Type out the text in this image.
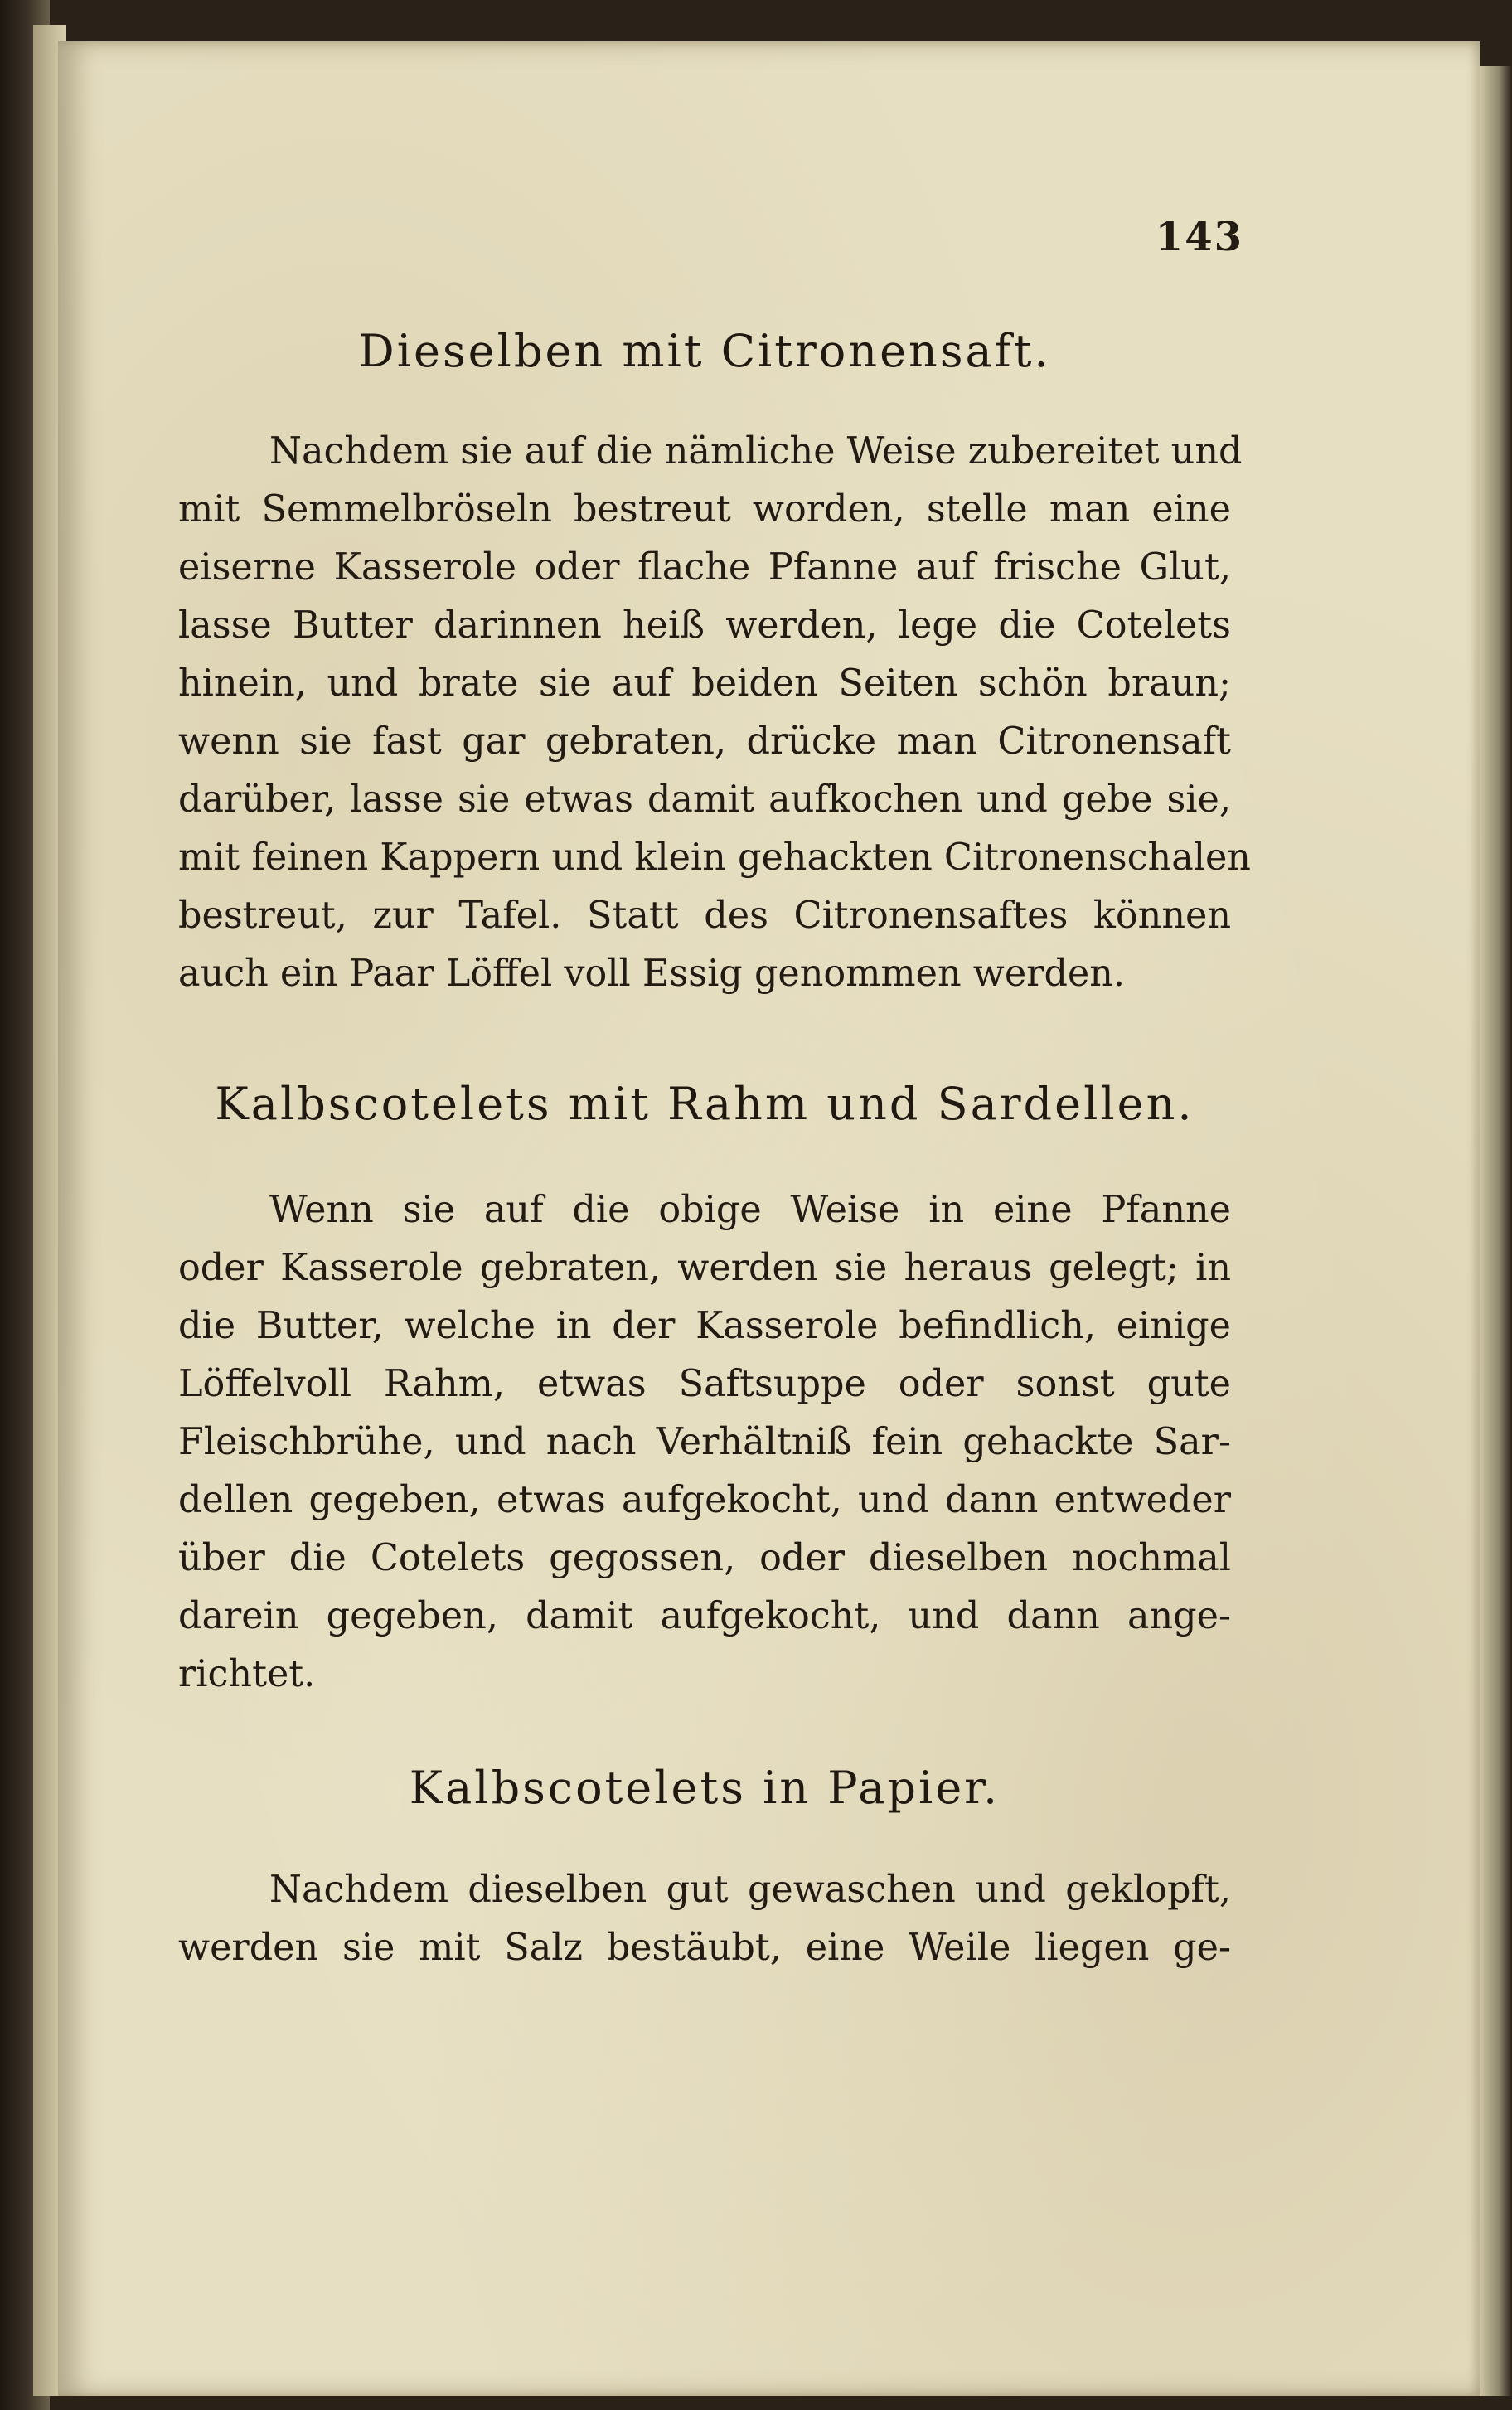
143
Dieselben mit Citronensaft.
Nachdem sie auf die nämliche Weise zubereitet und
mit Semmelbröseln bestreut worden, stelle man eine
eiserne Kasserole oder flache Pfanne auf frische Glut,
lasse Butter darinnen heiß werden, lege die Cotelets
hinein, und brate sie auf beiden Seiten schön braun;
wenn sie fast gar gebraten, drücke man Citronensaft
darüber, lasse sie etwas damit aufkochen und gebe sie,
mit feinen Kappern und klein gehackten Citronenschalen
bestreut, zur Tafel. Statt des Citronensaftes können
auch ein Paar Löffel voll Essig genommen werden.
Kalbscotelets mit Rahm und Sardellen.
Wenn sie auf die obige Weise in eine Pfanne
oder Kasserole gebraten, werden sie heraus gelegt; in
die Butter, welche in der Kasserole befindlich, einige
Löffelvoll Rahm, etwas Saftsuppe oder sonst gute
Fleischbrühe, und nach Verhältniß fein gehackte Sar-
dellen gegeben, etwas aufgekocht, und dann entweder
über die Cotelets gegossen, oder dieselben nochmal
darein gegeben, damit aufgekocht, und dann ange-
richtet.
Kalbscotelets in Papier.
Nachdem dieselben gut gewaschen und geklopft,
werden sie mit Salz bestäubt, eine Weile liegen ge-
